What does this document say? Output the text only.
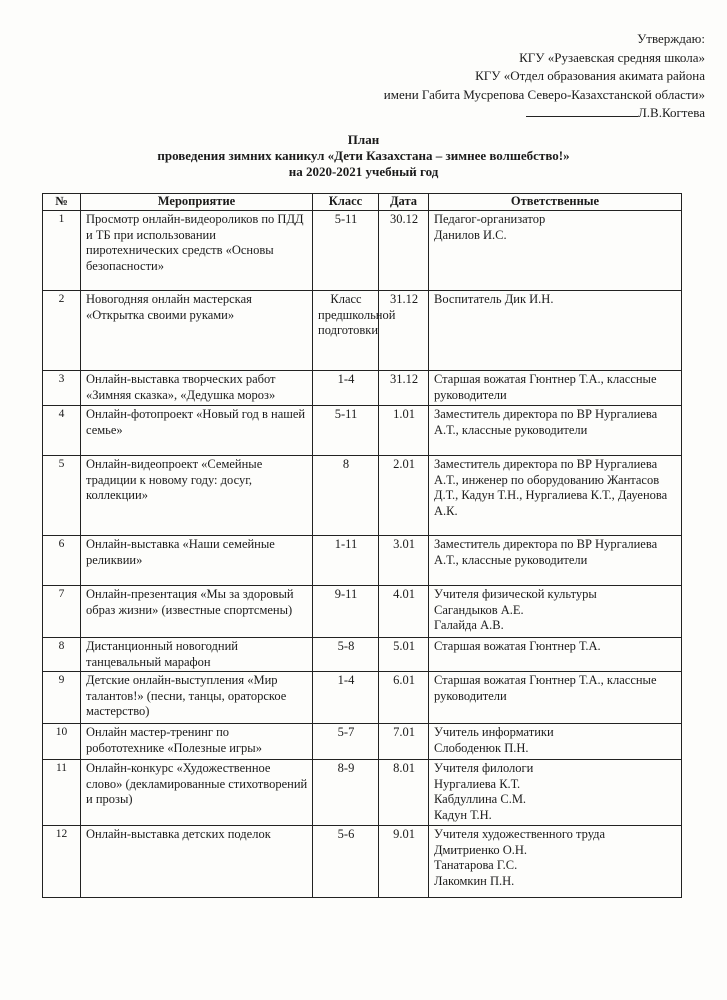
Утверждаю:
КГУ «Рузаевская средняя школа»
КГУ «Отдел образования акимата района
имени Габита Мусрепова Северо-Казахстанской области»
Л.В.Когтева
План
проведения зимних каникул «Дети Казахстана – зимнее волшебство!»
на 2020-2021 учебный год
№	Мероприятие	Класс	Дата	Ответственные
1	Просмотр онлайн-видеороликов по ПДД и ТБ при использовании пиротехнических средств «Основы безопасности»	5-11	30.12	Педагог-организатор
Данилов И.С.
2	Новогодняя онлайн мастерская «Открытка своими руками»	Класс предшкольной подготовки	31.12	Воспитатель Дик И.Н.
3	Онлайн-выставка творческих работ «Зимняя сказка», «Дедушка мороз»	1-4	31.12	Старшая вожатая Гюнтнер Т.А., классные руководители
4	Онлайн-фотопроект «Новый год в нашей семье»	5-11	1.01	Заместитель директора по ВР Нургалиева А.Т., классные руководители
5	Онлайн-видеопроект «Семейные традиции к новому году: досуг, коллекции»	8	2.01	Заместитель директора по ВР Нургалиева А.Т., инженер по оборудованию Жантасов Д.Т., Кадун Т.Н., Нургалиева К.Т., Дауенова А.К.
6	Онлайн-выставка «Наши семейные реликвии»	1-11	3.01	Заместитель директора по ВР Нургалиева А.Т., классные руководители
7	Онлайн-презентация «Мы за здоровый образ жизни» (известные спортсмены)	9-11	4.01	Учителя физической культуры
Сагандыков А.Е.
Галайда А.В.
8	Дистанционный новогодний танцевальный марафон	5-8	5.01	Старшая вожатая Гюнтнер Т.А.
9	Детские онлайн-выступления «Мир талантов!» (песни, танцы, ораторское мастерство)	1-4	6.01	Старшая вожатая Гюнтнер Т.А., классные руководители
10	Онлайн мастер-тренинг по робототехнике «Полезные игры»	5-7	7.01	Учитель информатики
Слободенюк П.Н.
11	Онлайн-конкурс «Художественное слово» (декламированные стихотворений и прозы)	8-9	8.01	Учителя филологи
Нургалиева К.Т.
Кабдуллина С.М.
Кадун Т.Н.
12	Онлайн-выставка детских поделок	5-6	9.01	Учителя художественного труда
Дмитриенко О.Н.
Танатарова Г.С.
Лакомкин П.Н.
